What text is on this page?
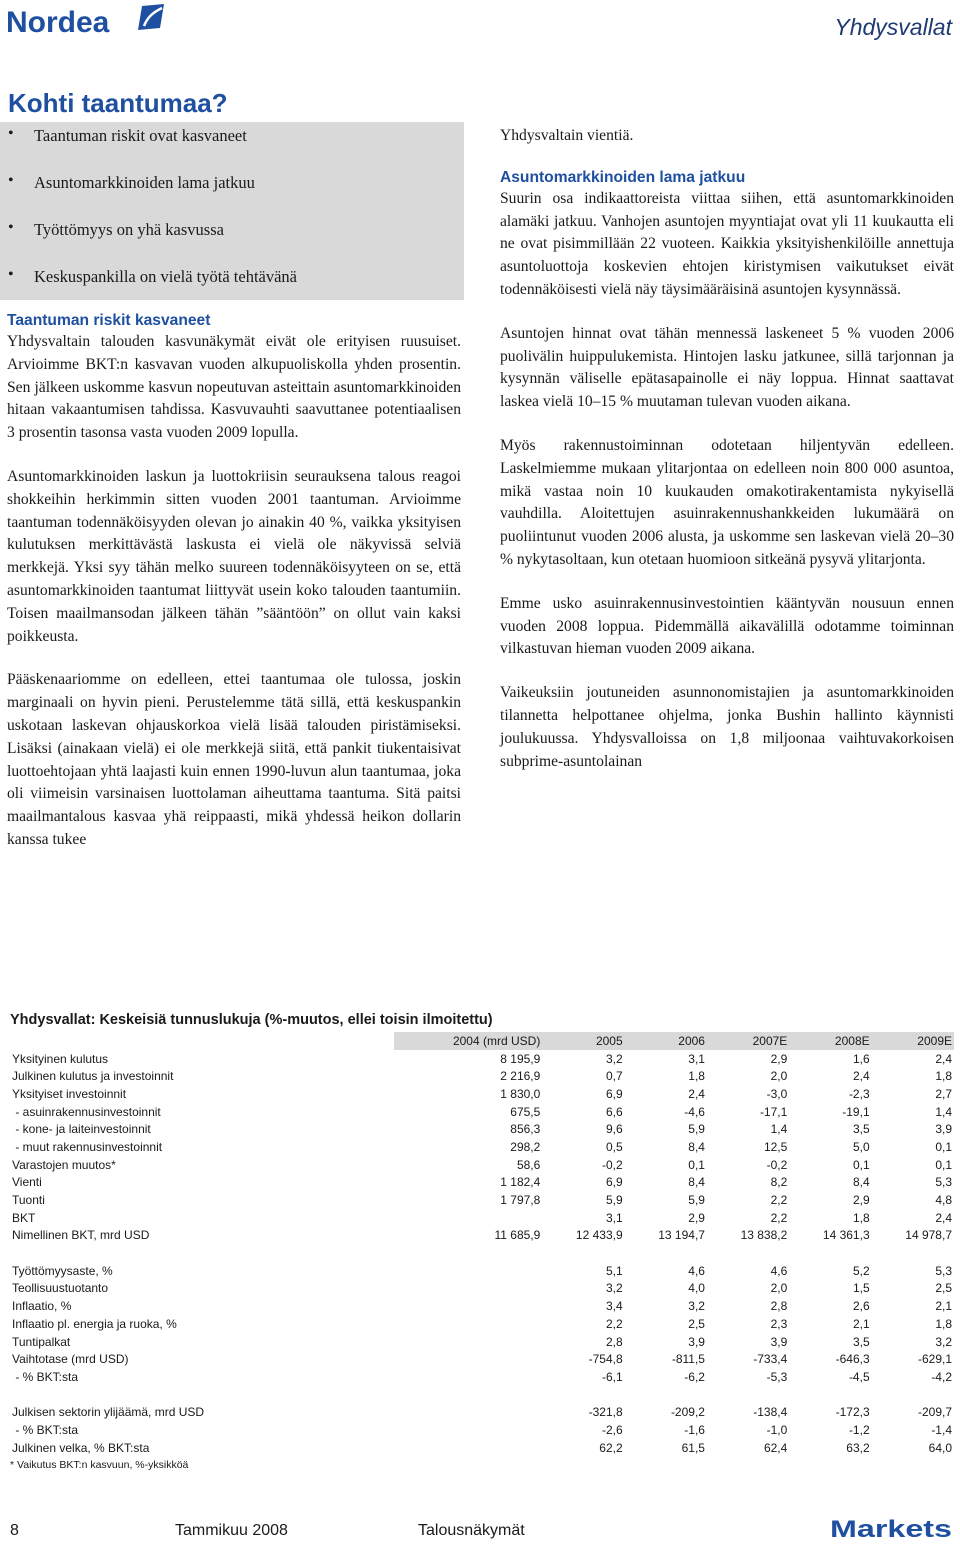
Nordea	Yhdysvallat
Kohti taantumaa?
• Taantuman riskit ovat kasvaneet
• Asuntomarkkinoiden lama jatkuu
• Työttömyys on yhä kasvussa
• Keskuspankilla on vielä työtä tehtävänä
Taantuman riskit kasvaneet

Yhdysvaltain talouden kasvunäkymät eivät ole erityisen ruusuiset. Arvioimme BKT:n kasvavan vuoden alkupuoliskolla yhden prosentin. Sen jälkeen uskomme kasvun nopeutuvan asteittain asuntomarkkinoiden hitaan vakaantumisen tahdissa. Kasvuvauhti saavuttanee potentiaalisen 3 prosentin tasonsa vasta vuoden 2009 lopulla.

Asuntomarkkinoiden laskun ja luottokriisin seurauksena talous reagoi shokkeihin herkimmin sitten vuoden 2001 taantuman. Arvioimme taantuman todennäköisyyden olevan jo ainakin 40 %, vaikka yksityisen kulutuksen merkittävästä laskusta ei vielä ole näkyvissä selviä merkkejä. Yksi syy tähän melko suureen todennäköisyyteen on se, että asuntomarkkinoiden taantumat liittyvät usein koko talouden taantumiin. Toisen maailmansodan jälkeen tähän ”sääntöön” on ollut vain kaksi poikkeusta.

Pääskenaariomme on edelleen, ettei taantumaa ole tulossa, joskin marginaali on hyvin pieni. Perustelemme tätä sillä, että keskuspankin uskotaan laskevan ohjauskorkoa vielä lisää talouden piristämiseksi. Lisäksi (ainakaan vielä) ei ole merkkejä siitä, että pankit tiukentaisivat luottoehtojaan yhtä laajasti kuin ennen 1990-luvun alun taantumaa, joka oli viimeisin varsinaisen luottolaman aiheuttama taantuma. Sitä paitsi maailmantalous kasvaa yhä reippaasti, mikä yhdessä heikon dollarin kanssa tukee

Yhdysvaltain vientiä.

Asuntomarkkinoiden lama jatkuu

Suurin osa indikaattoreista viittaa siihen, että asuntomarkkinoiden alamäki jatkuu. Vanhojen asuntojen myyntiajat ovat yli 11 kuukautta eli ne ovat pisimmillään 22 vuoteen. Kaikkia yksityishenkilöille annettuja asuntoluottoja koskevien ehtojen kiristymisen vaikutukset eivät todennäköisesti vielä näy täysimääräisinä asuntojen kysynnässä.

Asuntojen hinnat ovat tähän mennessä laskeneet 5 % vuoden 2006 puolivälin huippulukemista. Hintojen lasku jatkunee, sillä tarjonnan ja kysynnän väliselle epätasapainolle ei näy loppua. Hinnat saattavat laskea vielä 10–15 % muutaman tulevan vuoden aikana.

Myös rakennustoiminnan odotetaan hiljentyvän edelleen. Laskelmiemme mukaan ylitarjontaa on edelleen noin 800 000 asuntoa, mikä vastaa noin 10 kuukauden omakotirakentamista nykyisellä vauhdilla. Aloitettujen asuinrakennushankkeiden lukumäärä on puoliintunut vuoden 2006 alusta, ja uskomme sen laskevan vielä 20–30 % nykytasoltaan, kun otetaan huomioon sitkeänä pysyvä ylitarjonta.

Emme usko asuinrakennusinvestointien kääntyvän nousuun ennen vuoden 2008 loppua. Pidemmällä aikavälillä odotamme toiminnan vilkastuvan hieman vuoden 2009 aikana.

Vaikeuksiin joutuneiden asunnonomistajien ja asuntomarkkinoiden tilannetta helpottanee ohjelma, jonka Bushin hallinto käynnisti joulukuussa. Yhdysvalloissa on 1,8 miljoonaa vaihtuvakorkoisen subprime-asuntolainan

Yhdysvallat: Keskeisiä tunnuslukuja (%-muutos, ellei toisin ilmoitettu)
	2004 (mrd USD)	2005	2006	2007E	2008E	2009E
Yksityinen kulutus	8 195,9	3,2	3,1	2,9	1,6	2,4
Julkinen kulutus ja investoinnit	2 216,9	0,7	1,8	2,0	2,4	1,8
Yksityiset investoinnit	1 830,0	6,9	2,4	-3,0	-2,3	2,7
- asuinrakennusinvestoinnit	675,5	6,6	-4,6	-17,1	-19,1	1,4
- kone- ja laiteinvestoinnit	856,3	9,6	5,9	1,4	3,5	3,9
- muut rakennusinvestoinnit	298,2	0,5	8,4	12,5	5,0	0,1
Varastojen muutos*	58,6	-0,2	0,1	-0,2	0,1	0,1
Vienti	1 182,4	6,9	8,4	8,2	8,4	5,3
Tuonti	1 797,8	5,9	5,9	2,2	2,9	4,8
BKT		3,1	2,9	2,2	1,8	2,4
Nimellinen BKT, mrd USD	11 685,9	12 433,9	13 194,7	13 838,2	14 361,3	14 978,7

Työttömyysaste, %		5,1	4,6	4,6	5,2	5,3
Teollisuustuotanto		3,2	4,0	2,0	1,5	2,5
Inflaatio, %		3,4	3,2	2,8	2,6	2,1
Inflaatio pl. energia ja ruoka, %		2,2	2,5	2,3	2,1	1,8
Tuntipalkat		2,8	3,9	3,9	3,5	3,2
Vaihtotase (mrd USD)		-754,8	-811,5	-733,4	-646,3	-629,1
- % BKT:sta		-6,1	-6,2	-5,3	-4,5	-4,2

Julkisen sektorin ylijäämä, mrd USD		-321,8	-209,2	-138,4	-172,3	-209,7
- % BKT:sta		-2,6	-1,6	-1,0	-1,2	-1,4
Julkinen velka, % BKT:sta		62,2	61,5	62,4	63,2	64,0
* Vaikutus BKT:n kasvuun, %-yksikköä
8	Tammikuu 2008	Talousnäkymät	Markets
